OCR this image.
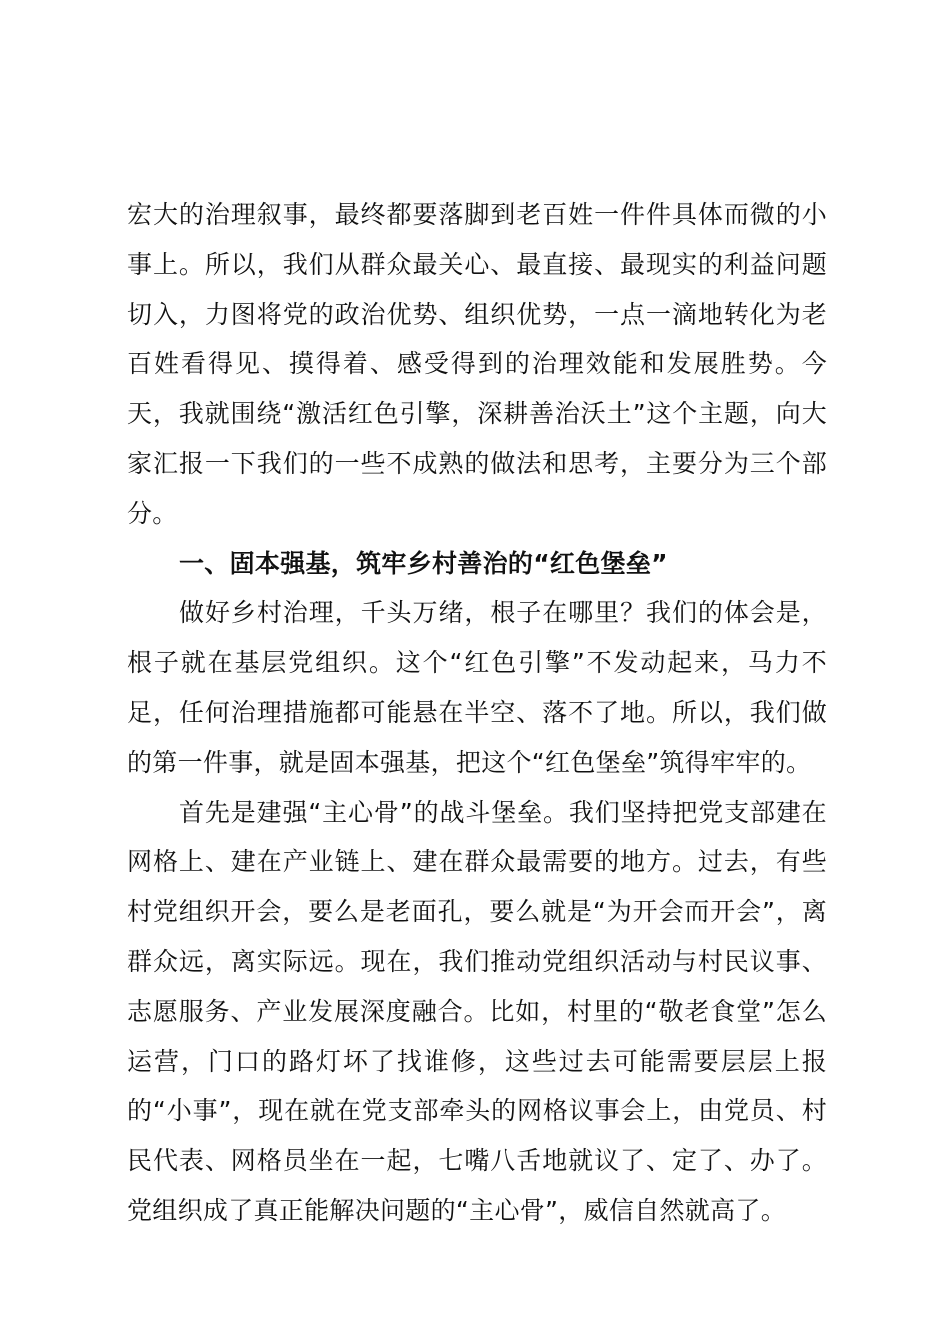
宏大的治理叙事，最终都要落脚到老百姓一件件具体而微的小事上。所以，我们从群众最关心、最直接、最现实的利益问题切入，力图将党的政治优势、组织优势，一点一滴地转化为老百姓看得见、摸得着、感受得到的治理效能和发展胜势。今天，我就围绕“激活红色引擎，深耕善治沃土”这个主题，向大家汇报一下我们的一些不成熟的做法和思考，主要分为三个部分。

一、固本强基，筑牢乡村善治的“红色堡垒”

做好乡村治理，千头万绪，根子在哪里？我们的体会是，根子就在基层党组织。这个“红色引擎”不发动起来，马力不足，任何治理措施都可能悬在半空、落不了地。所以，我们做的第一件事，就是固本强基，把这个“红色堡垒”筑得牢牢的。

首先是建强“主心骨”的战斗堡垒。我们坚持把党支部建在网格上、建在产业链上、建在群众最需要的地方。过去，有些村党组织开会，要么是老面孔，要么就是“为开会而开会”，离群众远，离实际远。现在，我们推动党组织活动与村民议事、志愿服务、产业发展深度融合。比如，村里的“敬老食堂”怎么运营，门口的路灯坏了找谁修，这些过去可能需要层层上报的“小事”，现在就在党支部牵头的网格议事会上，由党员、村民代表、网格员坐在一起，七嘴八舌地就议了、定了、办了。党组织成了真正能解决问题的“主心骨”，威信自然就高了。
